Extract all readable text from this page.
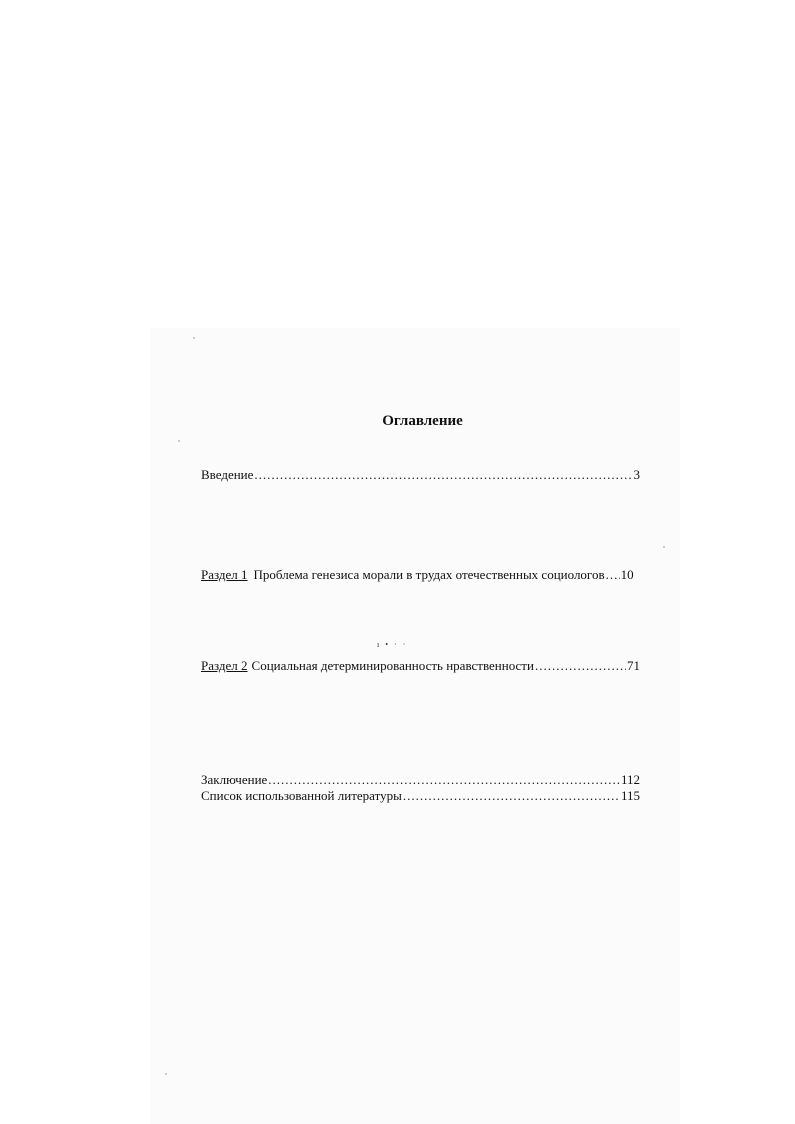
Оглавление
Введение .....	3
Раздел 1 Проблема генезиса морали в трудах отечественных социологов ..... 10
ı • · ·
Раздел 2 Социальная детерминированность нравственности .....	71
Заключение .....	112
Список использованной литературы .....	115
